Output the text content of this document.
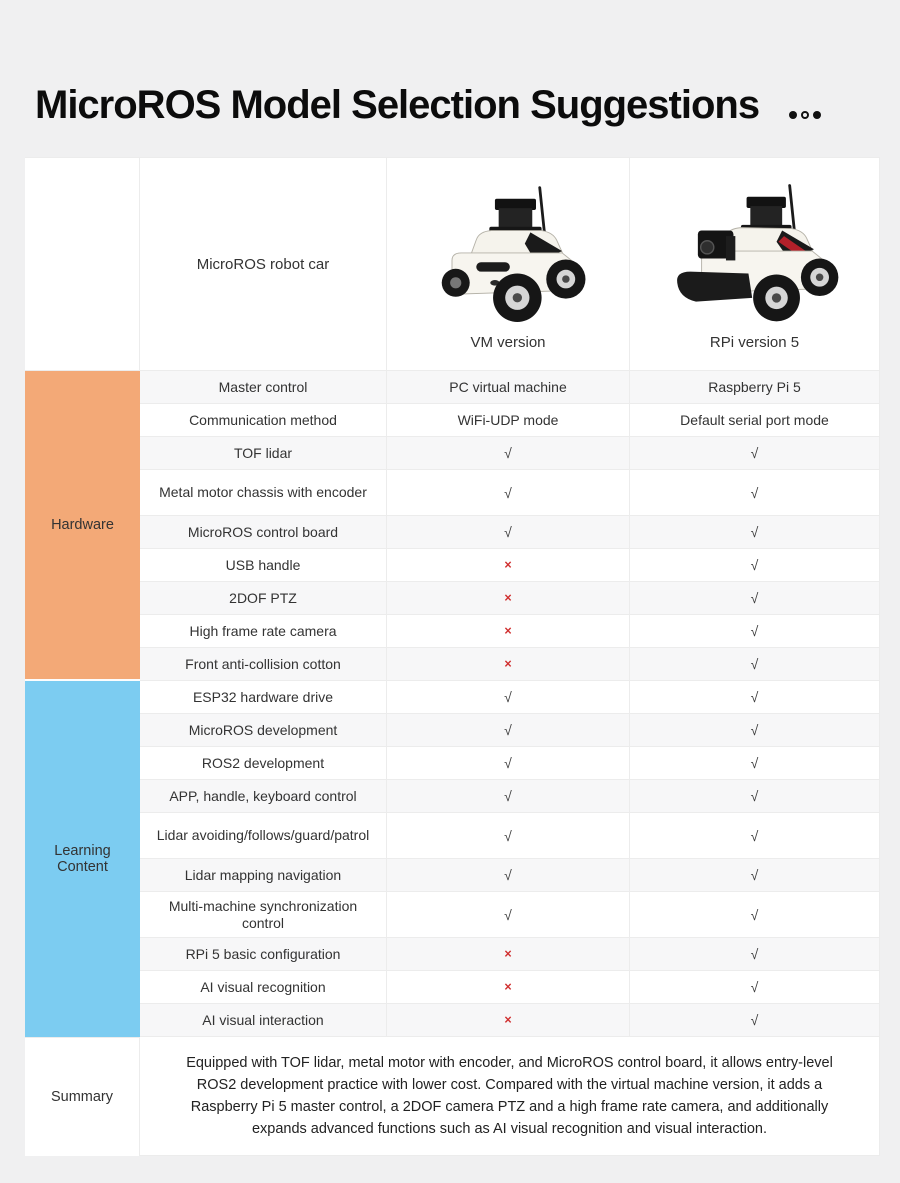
MicroROS Model Selection Suggestions
Hardware
Learning Content
Summary
MicroROS robot car
VM version	RPi version 5
Master control	PC virtual machine	Raspberry Pi 5
Communication method	WiFi-UDP mode	Default serial port mode
TOF lidar	√	√
Metal motor chassis with encoder	√	√
MicroROS control board	√	√
USB handle	×	√
2DOF PTZ	×	√
High frame rate camera	×	√
Front anti-collision cotton	×	√
ESP32 hardware drive	√	√
MicroROS development	√	√
ROS2 development	√	√
APP, handle, keyboard control	√	√
Lidar avoiding/follows/guard/patrol	√	√
Lidar mapping navigation	√	√
Multi-machine synchronization control	√	√
RPi 5 basic configuration	×	√
AI visual recognition	×	√
AI visual interaction	×	√

Equipped with TOF lidar, metal motor with encoder, and MicroROS control board, it allows entry-level ROS2 development practice with lower cost. Compared with the virtual machine version, it adds a Raspberry Pi 5 master control, a 2DOF camera PTZ and a high frame rate camera, and additionally expands advanced functions such as AI visual recognition and visual interaction.
